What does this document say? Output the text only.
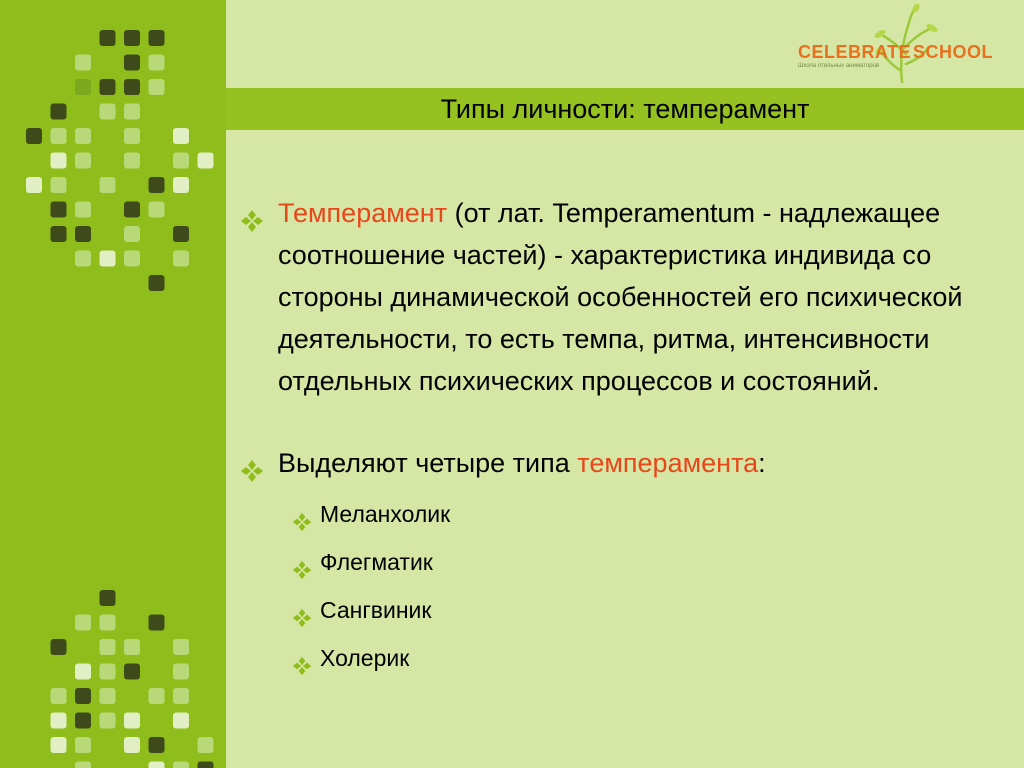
Типы личности: темперамент
CELEBRATE SCHOOL
Школа отельных аниматоров
Темперамент (от лат. Temperamentum - надлежащее соотношение частей) - характеристика индивида со стороны динамической особенностей его психической деятельности, то есть темпа, ритма, интенсивности отдельных психических процессов и состояний.
Выделяют четыре типа темперамента:
Меланхолик
Флегматик
Сангвиник
Холерик
